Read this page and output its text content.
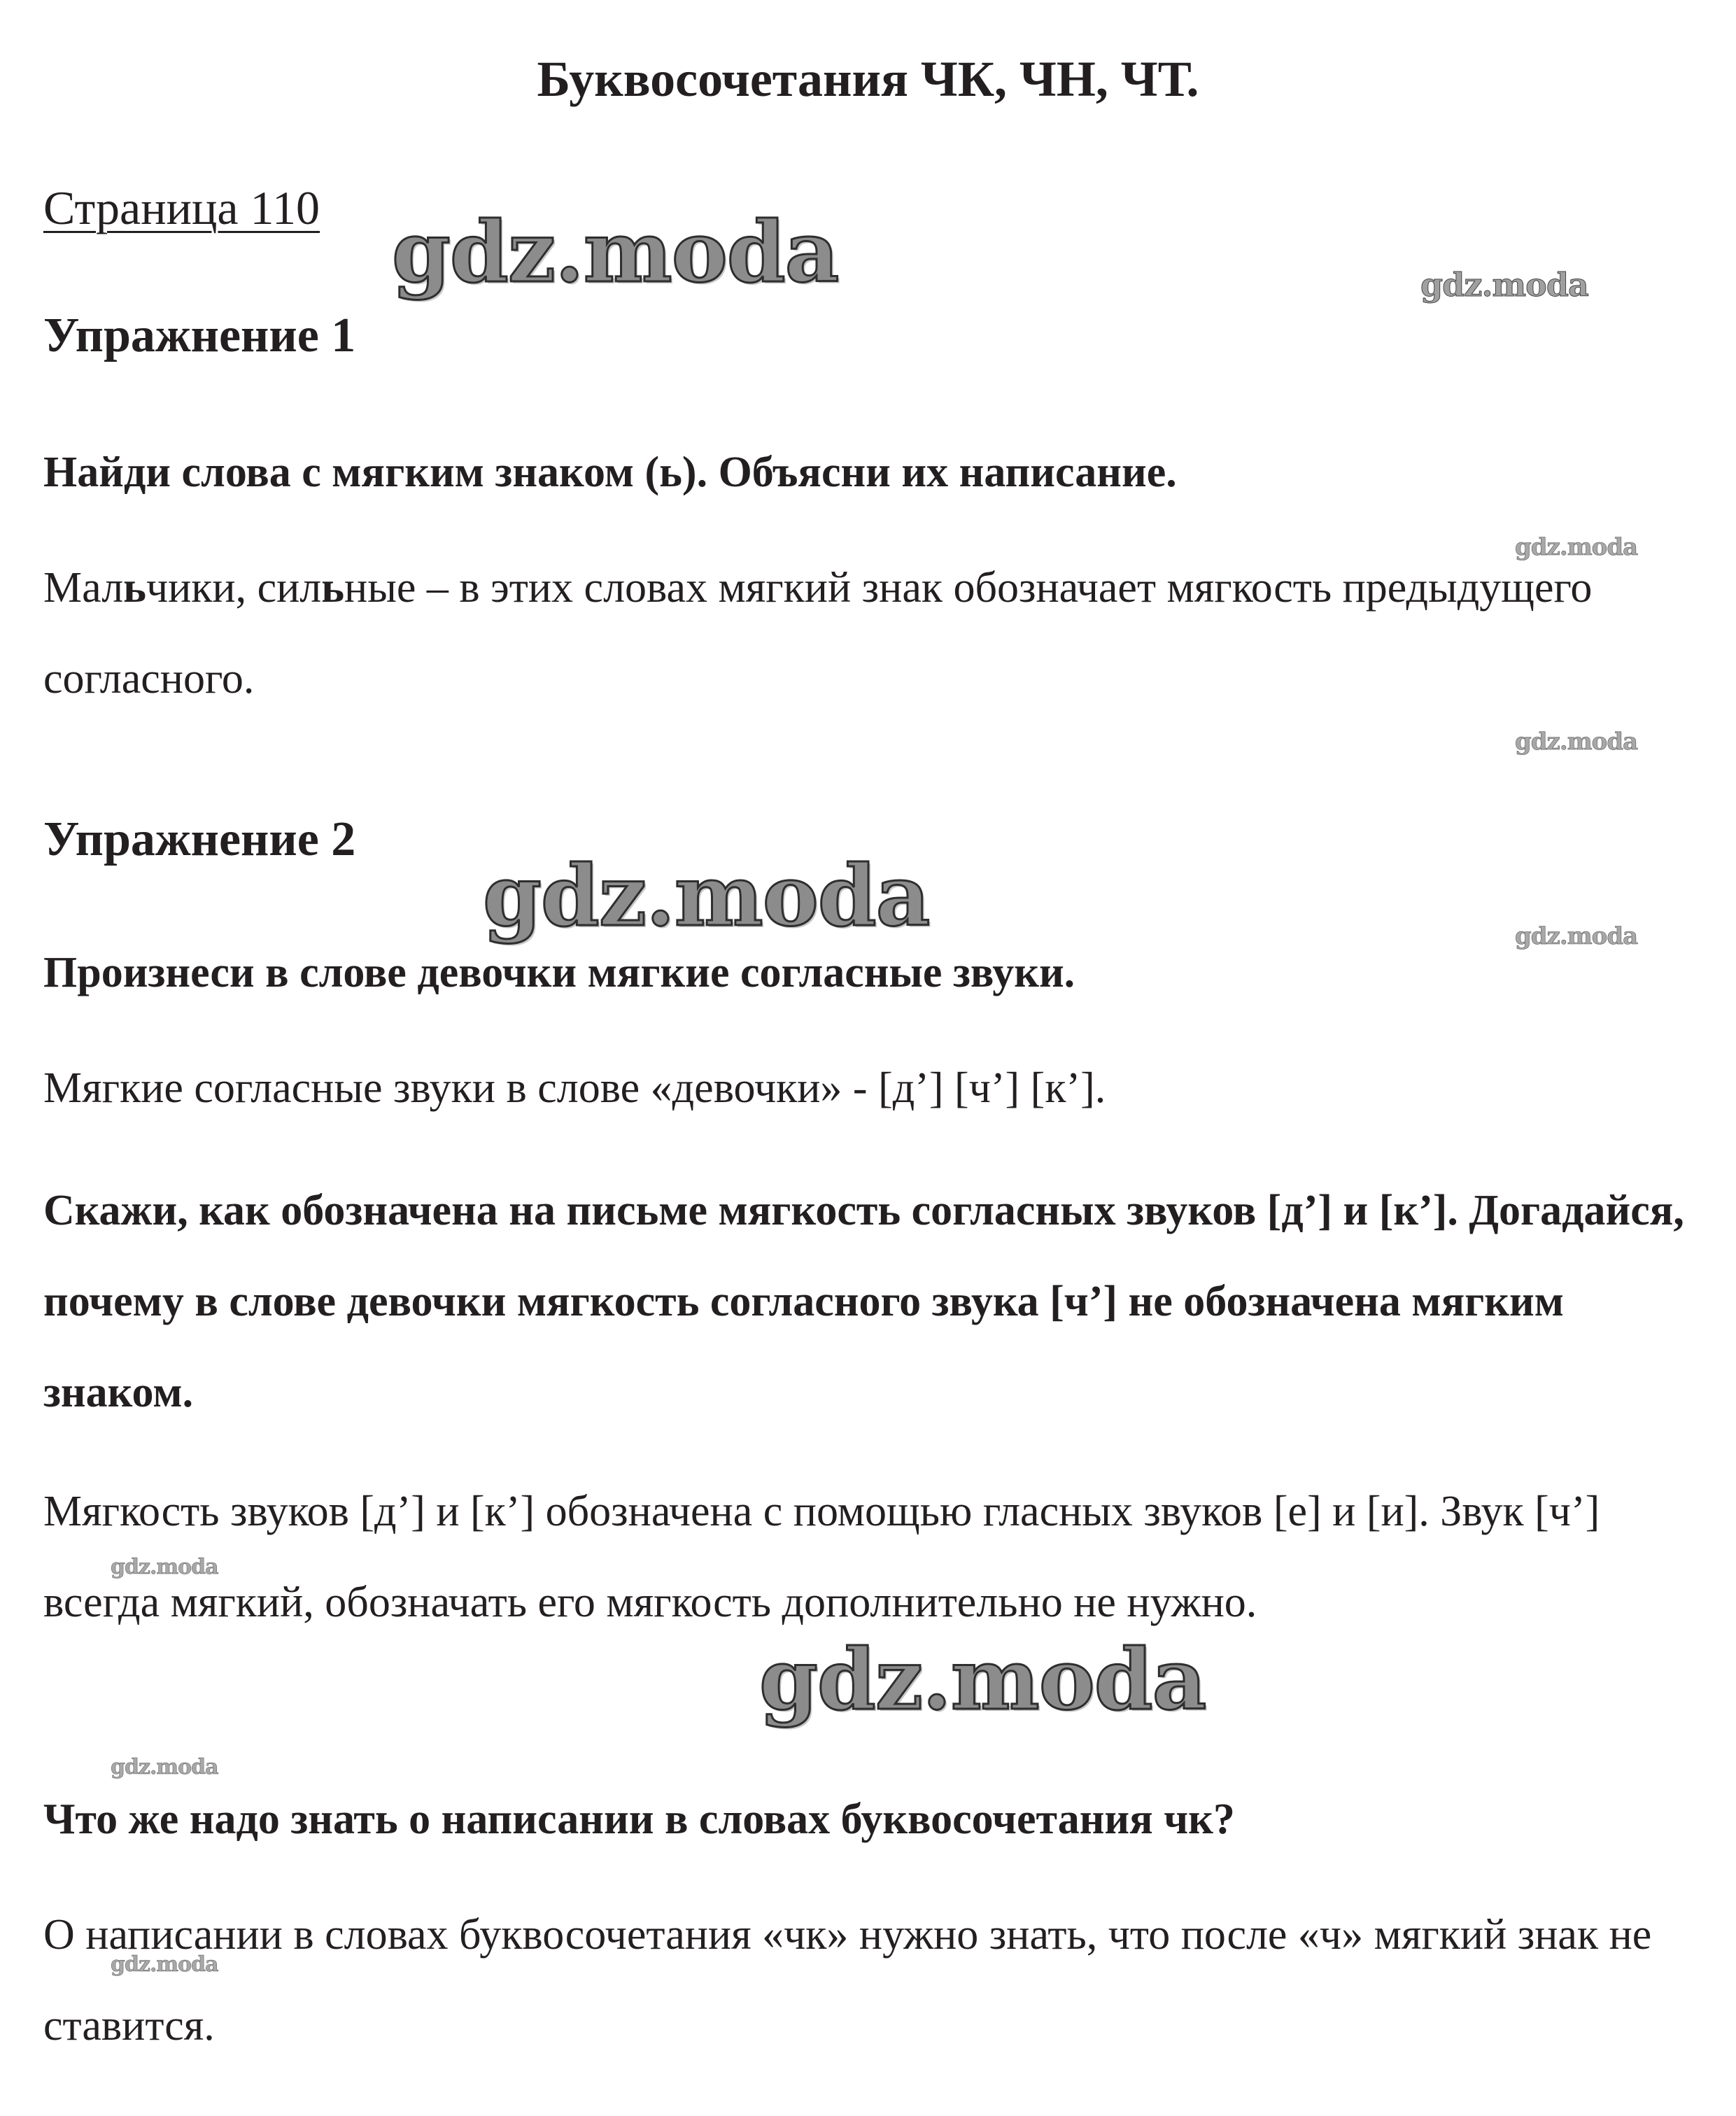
Буквосочетания ЧК, ЧН, ЧТ.
Страница 110
Упражнение 1
Найди слова с мягким знаком (ь). Объясни их написание.
Мальчики, сильные – в этих словах мягкий знак обозначает мягкость предыдущего согласного.
Упражнение 2
Произнеси в слове девочки мягкие согласные звуки.
Мягкие согласные звуки в слове «девочки» - [д’] [ч’] [к’].
Скажи, как обозначена на письме мягкость согласных звуков [д’] и [к’]. Догадайся, почему в слове девочки мягкость согласного звука [ч’] не обозначена мягким знаком.
Мягкость звуков [д’] и [к’] обозначена с помощью гласных звуков [е] и [и]. Звук [ч’] всегда мягкий, обозначать его мягкость дополнительно не нужно.
Что же надо знать о написании в словах буквосочетания чк?
О написании в словах буквосочетания «чк» нужно знать, что после «ч» мягкий знак не ставится.
gdz.moda	gdz.moda
gdz.moda
gdz.moda
gdz.moda	gdz.moda
gdz.moda
gdz.moda
gdz.moda
gdz.moda
